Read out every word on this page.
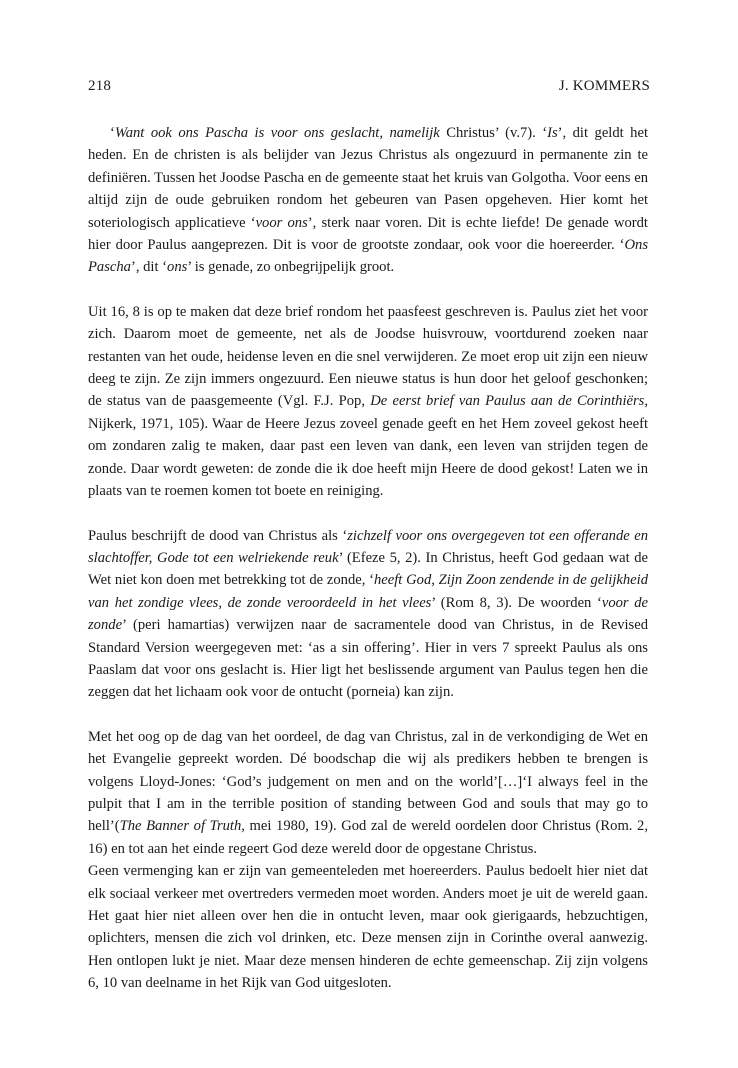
218	J. KOMMERS

‘Want ook ons Pascha is voor ons geslacht, namelijk Christus’ (v.7). ‘Is’, dit geldt het heden. En de christen is als belijder van Jezus Christus als ongezuurd in permanente zin te definiëren. Tussen het Joodse Pascha en de gemeente staat het kruis van Golgotha. Voor eens en altijd zijn de oude gebruiken rondom het gebeuren van Pasen opgeheven. Hier komt het soteriologisch applicatieve ‘voor ons’, sterk naar voren. Dit is echte liefde! De genade wordt hier door Paulus aangeprezen. Dit is voor de grootste zondaar, ook voor die hoereerder. ‘Ons Pascha’, dit ‘ons’ is genade, zo onbegrijpelijk groot.

Uit 16, 8 is op te maken dat deze brief rondom het paasfeest geschreven is. Paulus ziet het voor zich. Daarom moet de gemeente, net als de Joodse huisvrouw, voortdurend zoeken naar restanten van het oude, heidense leven en die snel verwijderen. Ze moet erop uit zijn een nieuw deeg te zijn. Ze zijn immers ongezuurd. Een nieuwe status is hun door het geloof geschonken; de status van de paasgemeente (Vgl. F.J. Pop, De eerst brief van Paulus aan de Corinthiërs, Nijkerk, 1971, 105). Waar de Heere Jezus zoveel genade geeft en het Hem zoveel gekost heeft om zondaren zalig te maken, daar past een leven van dank, een leven van strijden tegen de zonde. Daar wordt geweten: de zonde die ik doe heeft mijn Heere de dood gekost! Laten we in plaats van te roemen komen tot boete en reiniging.

Paulus beschrijft de dood van Christus als ‘zichzelf voor ons overgegeven tot een offerande en slachtoffer, Gode tot een welriekende reuk’ (Efeze 5, 2). In Christus, heeft God gedaan wat de Wet niet kon doen met betrekking tot de zonde, ‘heeft God, Zijn Zoon zendende in de gelijkheid van het zondige vlees, de zonde veroordeeld in het vlees’ (Rom 8, 3). De woorden ‘voor de zonde’ (peri hamartias) verwijzen naar de sacramentele dood van Christus, in de Revised Standard Version weergegeven met: ‘as a sin offering’. Hier in vers 7 spreekt Paulus als ons Paaslam dat voor ons geslacht is. Hier ligt het beslissende argument van Paulus tegen hen die zeggen dat het lichaam ook voor de ontucht (porneia) kan zijn.

Met het oog op de dag van het oordeel, de dag van Christus, zal in de verkondiging de Wet en het Evangelie gepreekt worden. Dé boodschap die wij als predikers hebben te brengen is volgens Lloyd-Jones: ‘God’s judgement on men and on the world’[…]‘I always feel in the pulpit that I am in the terrible position of standing between God and souls that may go to hell’(The Banner of Truth, mei 1980, 19). God zal de wereld oordelen door Christus (Rom. 2, 16) en tot aan het einde regeert God deze wereld door de opgestane Christus.

Geen vermenging kan er zijn van gemeenteleden met hoereerders. Paulus bedoelt hier niet dat elk sociaal verkeer met overtreders vermeden moet worden. Anders moet je uit de wereld gaan. Het gaat hier niet alleen over hen die in ontucht leven, maar ook gierigaards, hebzuchtigen, oplichters, mensen die zich vol drinken, etc. Deze mensen zijn in Corinthe overal aanwezig. Hen ontlopen lukt je niet. Maar deze mensen hinderen de echte gemeenschap. Zij zijn volgens 6, 10 van deelname in het Rijk van God uitgesloten.
